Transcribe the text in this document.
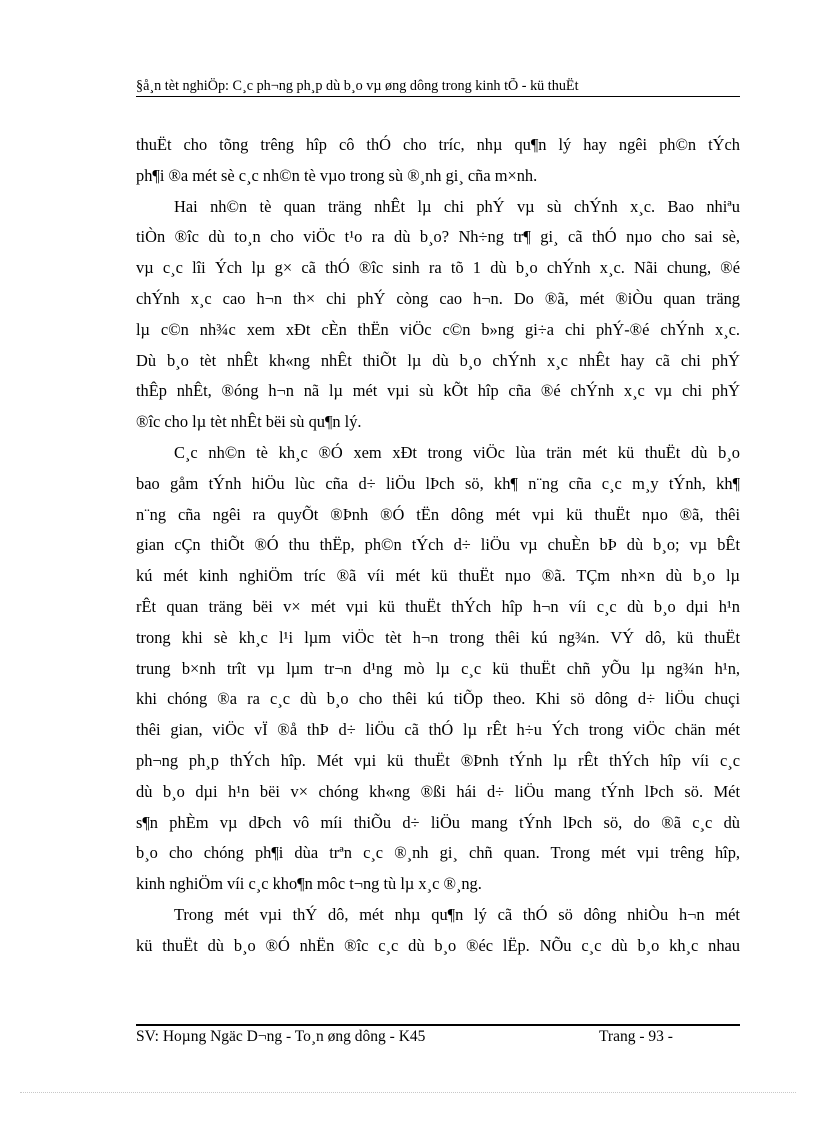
§å¸n tèt nghiÖp: C¸c ph¬ng ph¸p dù b¸o vµ øng dông trong kinh tÕ - kü thuËt
thuËt cho tõng trêng hîp cô thÓ cho tríc, nhµ qu¶n lý hay ngêi ph©n tÝch
ph¶i ®a mét sè c¸c nh©n tè vµo trong sù ®¸nh gi¸ cña m×nh.
Hai nh©n tè quan träng nhÊt lµ chi phÝ vµ sù chÝnh x¸c. Bao nhiªu
tiÒn ®îc dù to¸n cho viÖc t¹o ra dù b¸o? Nh÷ng tr¶ gi¸ cã thÓ nµo cho sai sè,
vµ c¸c lîi Ých lµ g× cã thÓ ®îc sinh ra tõ 1 dù b¸o chÝnh x¸c. Nãi chung, ®é
chÝnh x¸c cao h¬n th× chi phÝ còng cao h¬n. Do ®ã, mét ®iÒu quan träng
lµ c©n nh¾c xem xÐt cÈn thËn viÖc c©n b»ng gi÷a chi phÝ-®é chÝnh x¸c.
Dù b¸o tèt nhÊt kh«ng nhÊt thiÕt lµ dù b¸o chÝnh x¸c nhÊt hay cã chi phÝ
thÊp nhÊt, ®óng h¬n nã lµ mét vµi sù kÕt hîp cña ®é chÝnh x¸c vµ chi phÝ
®îc cho lµ tèt nhÊt bëi sù qu¶n lý.
C¸c nh©n tè kh¸c ®Ó xem xÐt trong viÖc lùa trän mét kü thuËt dù b¸o
bao gåm tÝnh hiÖu lùc cña d÷ liÖu lÞch sö, kh¶ n¨ng cña c¸c m¸y tÝnh, kh¶
n¨ng cña ngêi ra quyÕt ®Þnh ®Ó tËn dông mét vµi kü thuËt nµo ®ã, thêi
gian cÇn thiÕt ®Ó thu thËp, ph©n tÝch d÷ liÖu vµ chuÈn bÞ dù b¸o; vµ bÊt
kú mét kinh nghiÖm tríc ®ã víi mét kü thuËt nµo ®ã. TÇm nh×n dù b¸o lµ
rÊt quan träng bëi v× mét vµi kü thuËt thÝch hîp h¬n víi c¸c dù b¸o dµi h¹n
trong khi sè kh¸c l¹i lµm viÖc tèt h¬n trong thêi kú ng¾n. VÝ dô, kü thuËt
trung b×nh trît vµ lµm tr¬n d¹ng mò lµ c¸c kü thuËt chñ yÕu lµ ng¾n h¹n,
khi chóng ®a ra c¸c dù b¸o cho thêi kú tiÕp theo. Khi sö dông d÷ liÖu chuçi
thêi gian, viÖc vÏ ®å thÞ d÷ liÖu cã thÓ lµ rÊt h÷u Ých trong viÖc chän mét
ph¬ng ph¸p thÝch hîp. Mét vµi kü thuËt ®Þnh tÝnh lµ rÊt thÝch hîp víi c¸c
dù b¸o dµi h¹n bëi v× chóng kh«ng ®ßi hái d÷ liÖu mang tÝnh lÞch sö. Mét
s¶n phÈm vµ dÞch vô míi thiÕu d÷ liÖu mang tÝnh lÞch sö, do ®ã c¸c dù
b¸o cho chóng ph¶i dùa trªn c¸c ®¸nh gi¸ chñ quan. Trong mét vµi trêng hîp,
kinh nghiÖm víi c¸c kho¶n môc t¬ng tù lµ x¸c ®¸ng.
Trong mét vµi thÝ dô, mét nhµ qu¶n lý cã thÓ sö dông nhiÒu h¬n mét
kü thuËt dù b¸o ®Ó nhËn ®îc c¸c dù b¸o ®éc lËp. NÕu c¸c dù b¸o kh¸c nhau
SV: Hoµng Ngäc D¬ng - To¸n øng dông - K45	Trang - 93 -
